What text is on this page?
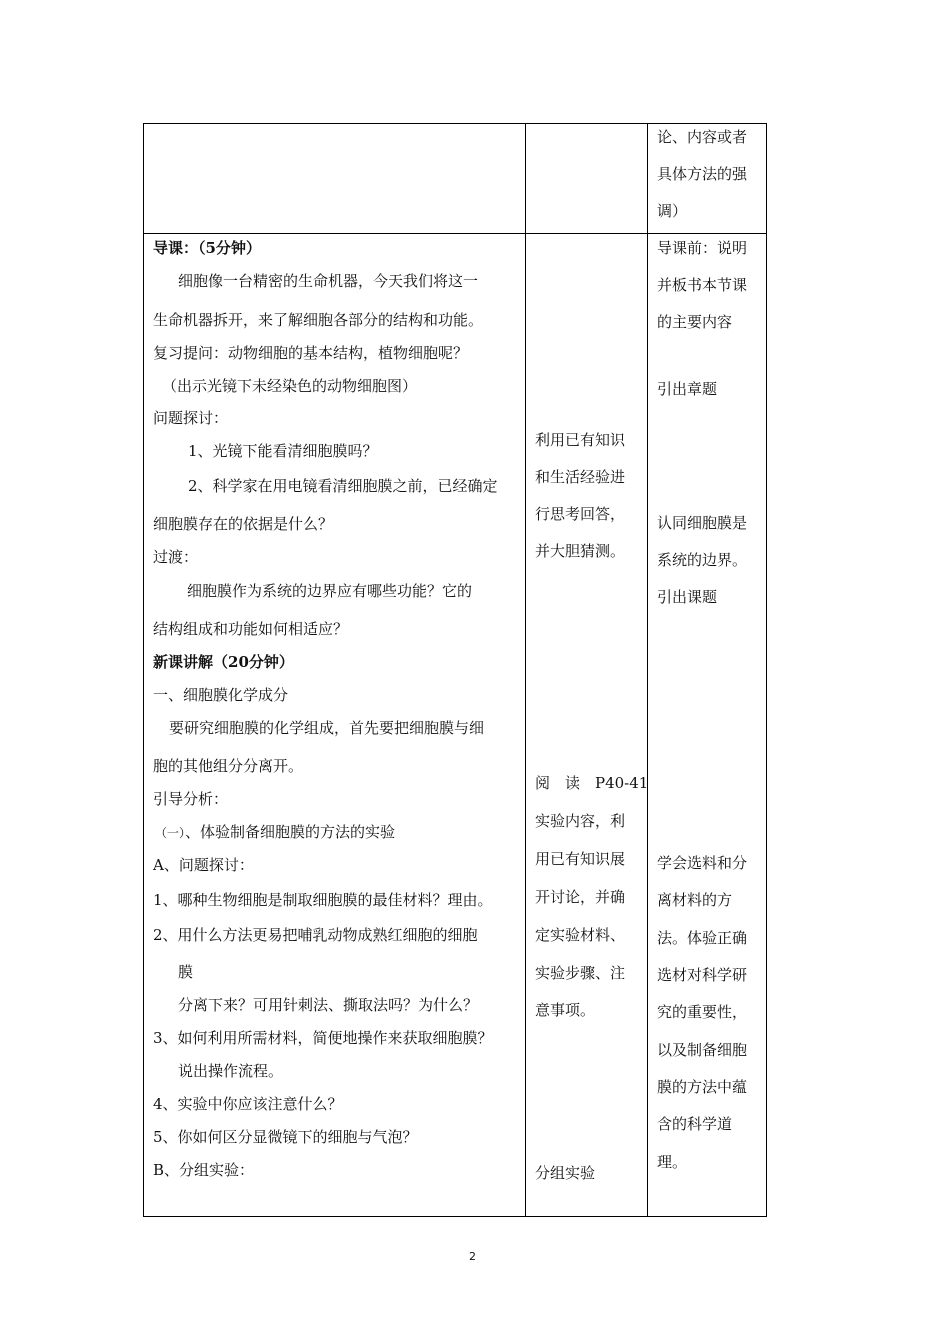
论、内容或者
具体方法的强
调）
导课：（5分钟）
细胞像一台精密的生命机器，今天我们将这一
生命机器拆开，来了解细胞各部分的结构和功能。
复习提问：动物细胞的基本结构，植物细胞呢？
（出示光镜下未经染色的动物细胞图）
问题探讨：
1、光镜下能看清细胞膜吗？
2、科学家在用电镜看清细胞膜之前，已经确定
细胞膜存在的依据是什么？
过渡：
细胞膜作为系统的边界应有哪些功能？它的
结构组成和功能如何相适应？
新课讲解（20分钟）
一、细胞膜化学成分
要研究细胞膜的化学组成，首先要把细胞膜与细
胞的其他组分分离开。
引导分析：
（一）、体验制备细胞膜的方法的实验
A、问题探讨：
1、哪种生物细胞是制取细胞膜的最佳材料？理由。
2、用什么方法更易把哺乳动物成熟红细胞的细胞
膜
分离下来？可用针刺法、撕取法吗？为什么？
3、如何利用所需材料，简便地操作来获取细胞膜？
说出操作流程。
4、实验中你应该注意什么？
5、你如何区分显微镜下的细胞与气泡？
B、分组实验：
利用已有知识
和生活经验进
行思考回答，
并大胆猜测。
阅　读　P40-41
实验内容，利
用已有知识展
开讨论，并确
定实验材料、
实验步骤、注
意事项。
分组实验
导课前：说明
并板书本节课
的主要内容
引出章题
认同细胞膜是
系统的边界。
引出课题
学会选料和分
离材料的方
法。体验正确
选材对科学研
究的重要性，
以及制备细胞
膜的方法中蕴
含的科学道
理。
2
